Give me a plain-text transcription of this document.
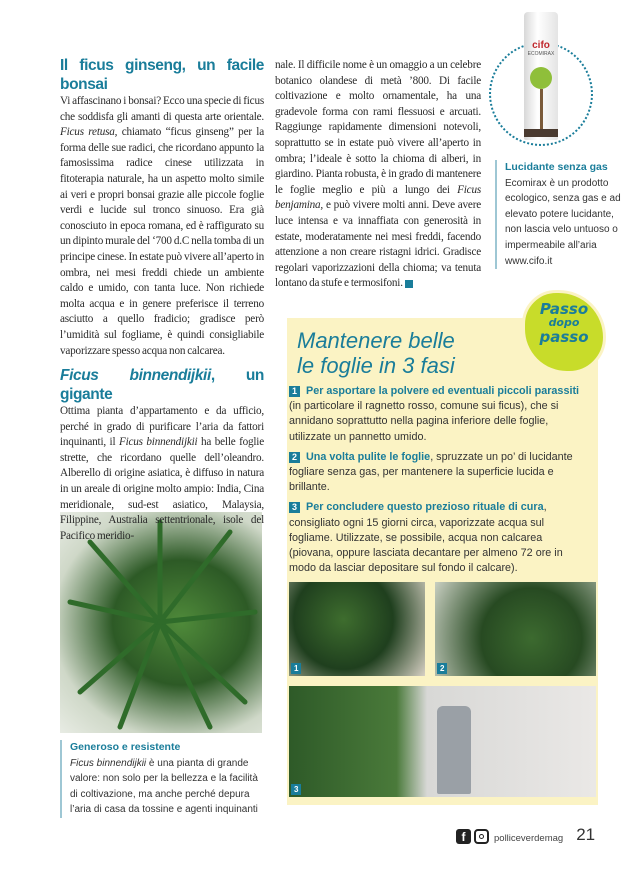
Il ficus ginseng, un facile bonsai

Vi affascinano i bonsai? Ecco una specie di ficus che soddisfa gli amanti di questa arte orientale. Ficus retusa, chiamato “ficus ginseng” per la forma delle sue radici, che ricordano appunto la famosissima radice cinese utilizzata in fitoterapia naturale, ha un aspetto molto simile ai veri e propri bonsai grazie alle piccole foglie verdi e lucide sul tronco sinuoso. Era già conosciuto in epoca romana, ed è raffigurato su un dipinto murale del ‘700 d.C nella tomba di un principe cinese. In estate può vivere all’aperto in ombra, nei mesi freddi chiede un ambiente caldo e umido, con tanta luce. Non richiede molta acqua e in genere preferisce il terreno asciutto a quello fradicio; gradisce però l’umidità sul fogliame, è quindi consigliabile vaporizzare spesso acqua non calcarea.

Ficus binnendijkii, un gigante

Ottima pianta d’appartamento e da ufficio, perché in grado di purificare l’aria da fattori inquinanti, il Ficus binnendijkii ha belle foglie strette, che ricordano quelle dell’oleandro. Alberello di origine asiatica, è diffuso in natura in un areale di origine molto ampio: India, Cina meridionale, sud-est asiatico, Malaysia, Filippine, Australia settentrionale, isole del Pacifico meridio-

nale. Il difficile nome è un omaggio a un celebre botanico olandese di metà ’800. Di facile coltivazione e molto ornamentale, ha una gradevole forma con rami flessuosi e arcuati. Raggiunge rapidamente dimensioni notevoli, soprattutto se in estate può vivere all’aperto in ombra; l’ideale è sotto la chioma di alberi, in giardino. Pianta robusta, è in grado di mantenere le foglie meglio e più a lungo dei Ficus benjamina, e può vivere molti anni. Deve avere luce intensa e va innaffiata con generosità in estate, moderatamente nei mesi freddi, facendo attenzione a non creare ristagni idrici. Gradisce regolari vaporizzazioni della chioma; va tenuta lontano da stufe e termosifoni.

cifo
ECOMIRAX
Lucidante senza gas
Ecomirax è un prodotto ecologico, senza gas e ad elevato potere lucidante, non lascia velo untuoso o impermeabile all’aria
www.cifo.it
Generoso e resistente
Ficus binnendijkii è una pianta di grande valore: non solo per la bellezza e la facilità di coltivazione, ma anche perché depura l’aria di casa da tossine e agenti inquinanti
Mantenere belle
le foglie in 3 fasi
1 Per asportare la polvere ed eventuali piccoli parassiti (in particolare il ragnetto rosso, comune sui ficus), che si annidano soprattutto nella pagina inferiore delle foglie, utilizzate un pannetto umido.
2 Una volta pulite le foglie, spruzzate un po’ di lucidante fogliare senza gas, per mantenere la superficie lucida e brillante.
3 Per concludere questo prezioso rituale di cura, consigliato ogni 15 giorni circa, vaporizzate acqua sul fogliame. Utilizzate, se possibile, acqua non calcarea (piovana, oppure lasciata decantare per almeno 72 ore in modo da lasciar depositare sul fondo il calcare).
1	2
3
Passo
dopo
passo
f	polliceverdemag 21
